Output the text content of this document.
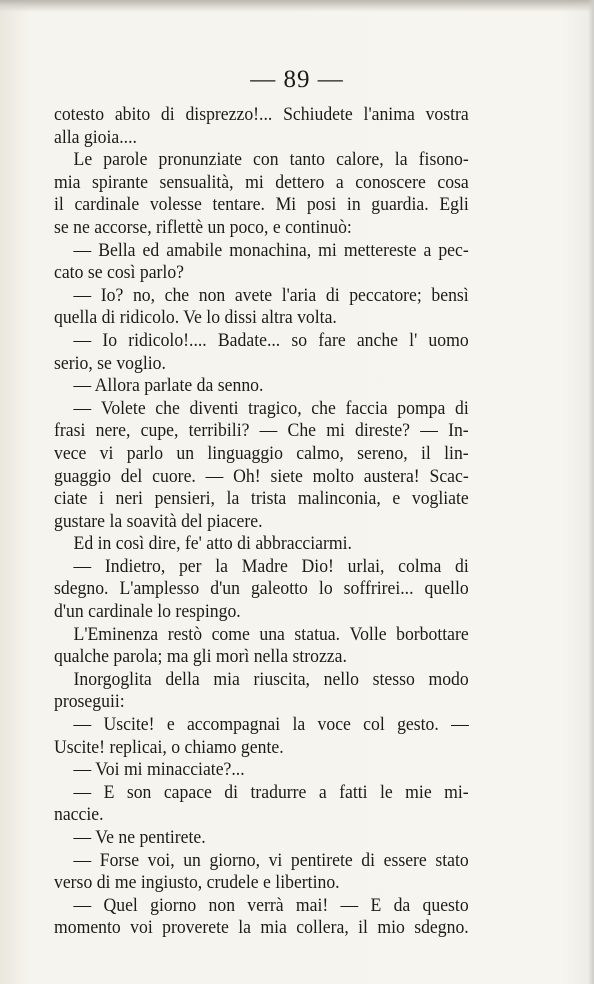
— 89 —
cotesto abito di disprezzo!... Schiudete l'anima vostra
alla gioia....
Le parole pronunziate con tanto calore, la fisono-
mia spirante sensualità, mi dettero a conoscere cosa
il cardinale volesse tentare. Mi posi in guardia. Egli
se ne accorse, riflettè un poco, e continuò:
— Bella ed amabile monachina, mi mettereste a pec-
cato se così parlo?
— Io? no, che non avete l'aria di peccatore; bensì
quella di ridicolo. Ve lo dissi altra volta.
— Io ridicolo!.... Badate... so fare anche l' uomo
serio, se voglio.
— Allora parlate da senno.
— Volete che diventi tragico, che faccia pompa di
frasi nere, cupe, terribili? — Che mi direste? — In-
vece vi parlo un linguaggio calmo, sereno, il lin-
guaggio del cuore. — Oh! siete molto austera! Scac-
ciate i neri pensieri, la trista malinconia, e vogliate
gustare la soavità del piacere.
Ed in così dire, fe' atto di abbracciarmi.
— Indietro, per la Madre Dio! urlai, colma di
sdegno. L'amplesso d'un galeotto lo soffrirei... quello
d'un cardinale lo respingo.
L'Eminenza restò come una statua. Volle borbottare
qualche parola; ma gli morì nella strozza.
Inorgoglita della mia riuscita, nello stesso modo
proseguii:
— Uscite! e accompagnai la voce col gesto. —
Uscite! replicai, o chiamo gente.
— Voi mi minacciate?...
— E son capace di tradurre a fatti le mie mi-
naccie.
— Ve ne pentirete.
— Forse voi, un giorno, vi pentirete di essere stato
verso di me ingiusto, crudele e libertino.
— Quel giorno non verrà mai! — E da questo
momento voi proverete la mia collera, il mio sdegno.
